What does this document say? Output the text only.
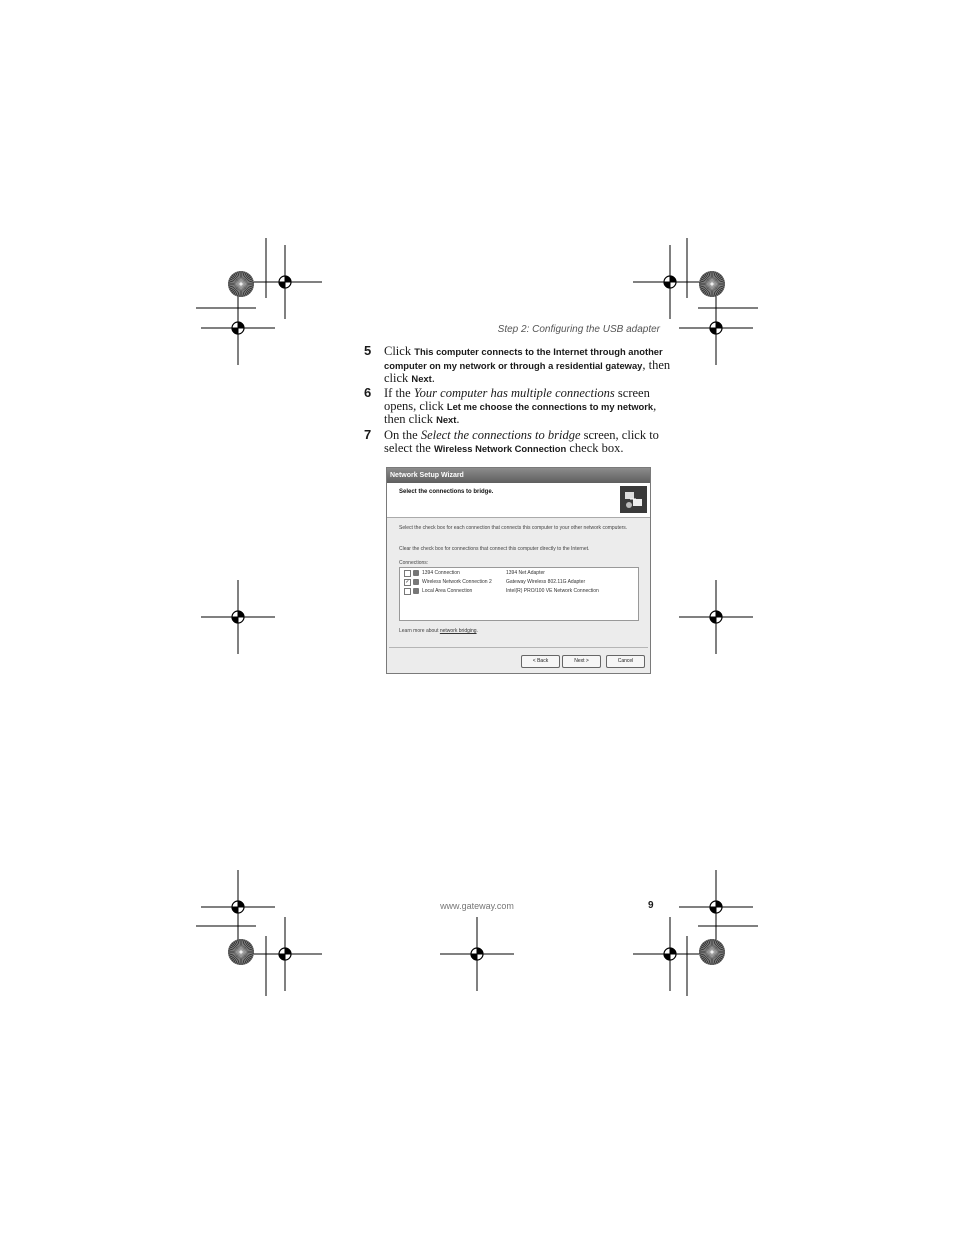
Step 2: Configuring the USB adapter
5 Click This computer connects to the Internet through another computer on my network or through a residential gateway, then click Next.
6 If the Your computer has multiple connections screen opens, click Let me choose the connections to my network, then click Next.
7 On the Select the connections to bridge screen, click to select the Wireless Network Connection check box.
Network Setup Wizard
Select the connections to bridge.
Select the check box for each connection that connects this computer to your other network computers.
Clear the check box for connections that connect this computer directly to the Internet.
Connections:
1394 Connection	1394 Net Adapter
✓ Wireless Network Connection 2	Gateway Wireless 802.11G Adapter
Local Area Connection	Intel(R) PRO/100 VE Network Connection
Learn more about network bridging.
< Back	Next >	Cancel
www.gateway.com	9
